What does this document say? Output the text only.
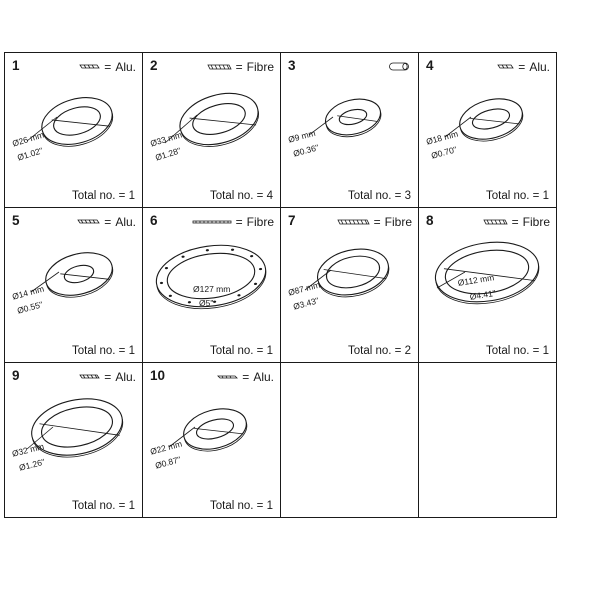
1	= Alu.
Ø26 mm
Ø1.02"
Total no. = 1
2	= Fibre
Ø33 mm
Ø1.28"
Total no. = 4
3
Ø9 mm
Ø0.36"
Total no. = 3
4	= Alu.
Ø18 mm
Ø0.70"
Total no. = 1
5	= Alu.
Ø14 mm
Ø0.55"
Total no. = 1
6	= Fibre
Ø127 mm
Ø5"
Total no. = 1
7	= Fibre
Ø87 mm
Ø3.43"
Total no. = 2
8	= Fibre
Ø112 mm
Ø4.41"
Total no. = 1
9	= Alu.
Ø32 mm
Ø1.26"
Total no. = 1
10	= Alu.
Ø22 mm
Ø0.87"
Total no. = 1
